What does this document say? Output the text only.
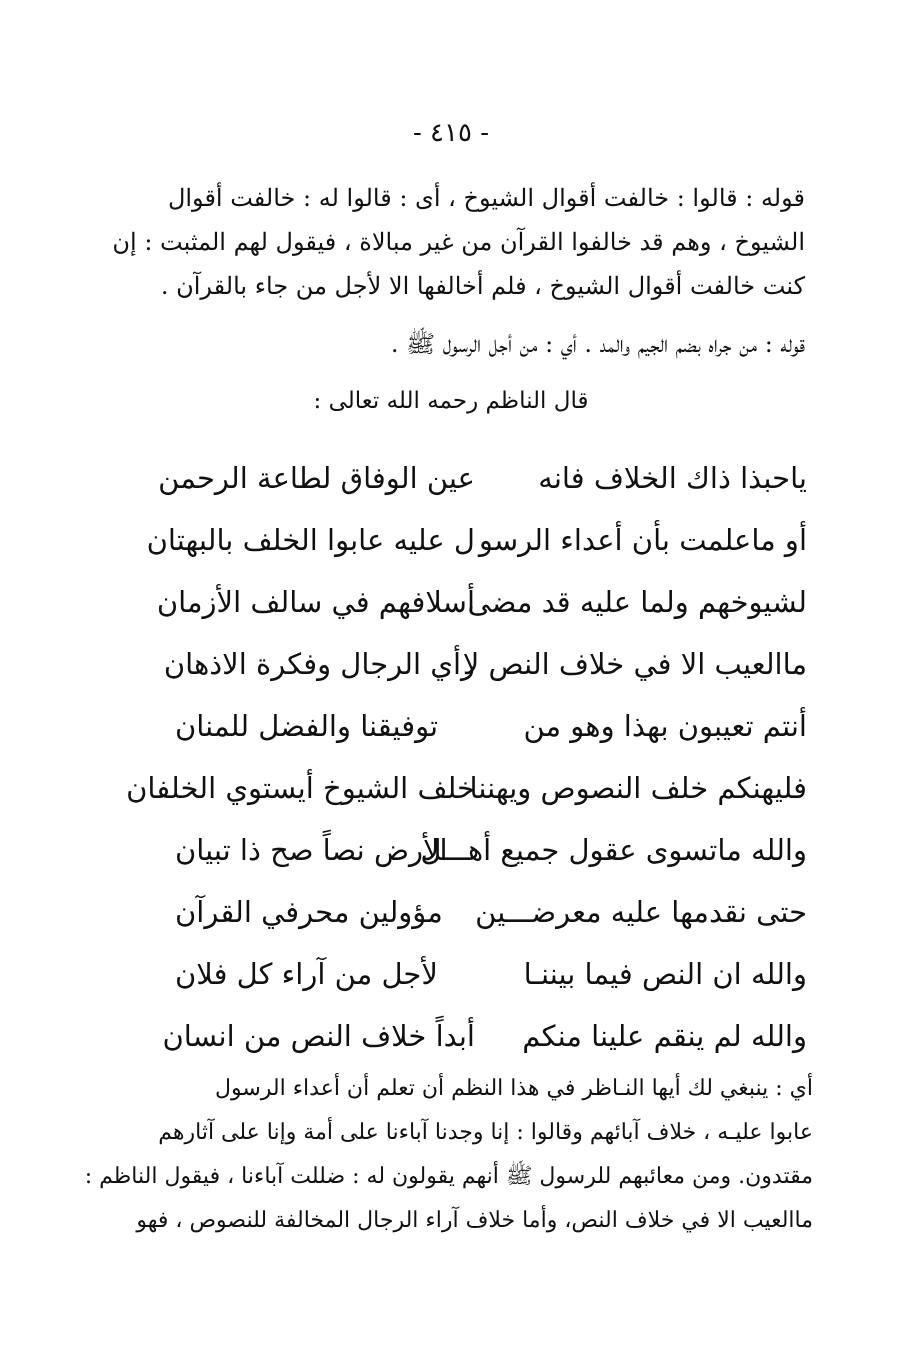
- ٤١٥ -
قوله : قالوا : خالفت أقوال الشيوخ ، أى : قالوا له : خالفت أقوال
الشيوخ ، وهم قد خالفوا القرآن من غير مبالاة ، فيقول لهم المثبت : إن
كنت خالفت أقوال الشيوخ ، فلم أخالفها الا لأجل من جاء بالقرآن .
قوله : من جراه بضم الجيم والمد . أي : من أجل الرسول ﷺ .
قال الناظم رحمه الله تعالى :
ياحبذا ذاك الخلاف فانه
عين الوفاق لطاعة الرحمن
أو ماعلمت بأن أعداء الرسو
ل عليه عابوا الخلف بالبهتان
لشيوخهم ولما عليه قد مضى
أسلافهم في سالف الأزمان
ماالعيب الا في خلاف النص لا
رأي الرجال وفكرة الاذهان
أنتم تعيبون بهذا وهو من
توفيقنا والفضل للمنان
فليهنكم خلف النصوص ويهننا
خلف الشيوخ أيستوي الخلفان
والله ماتسوى عقول جميع أهـــل
الأرض نصاً صح ذا تبيان
حتى نقدمها عليه معرضـــين
مؤولين محرفي القرآن
والله ان النص فيما بيننـا
لأجل من آراء كل فلان
والله لم ينقم علينا منكم
أبداً خلاف النص من انسان
أي : ينبغي لك أيها النـاظر في هذا النظم أن تعلم أن أعداء الرسول
عابوا عليـه ، خلاف آبائهم وقالوا : إنا وجدنا آباءنا على أمة وإنا على آثارهم
مقتدون. ومن معائبهم للرسول ﷺ أنهم يقولون له : ضللت آباءنا ، فيقول الناظم :
ماالعيب الا في خلاف النص، وأما خلاف آراء الرجال المخالفة للنصوص ، فهو
